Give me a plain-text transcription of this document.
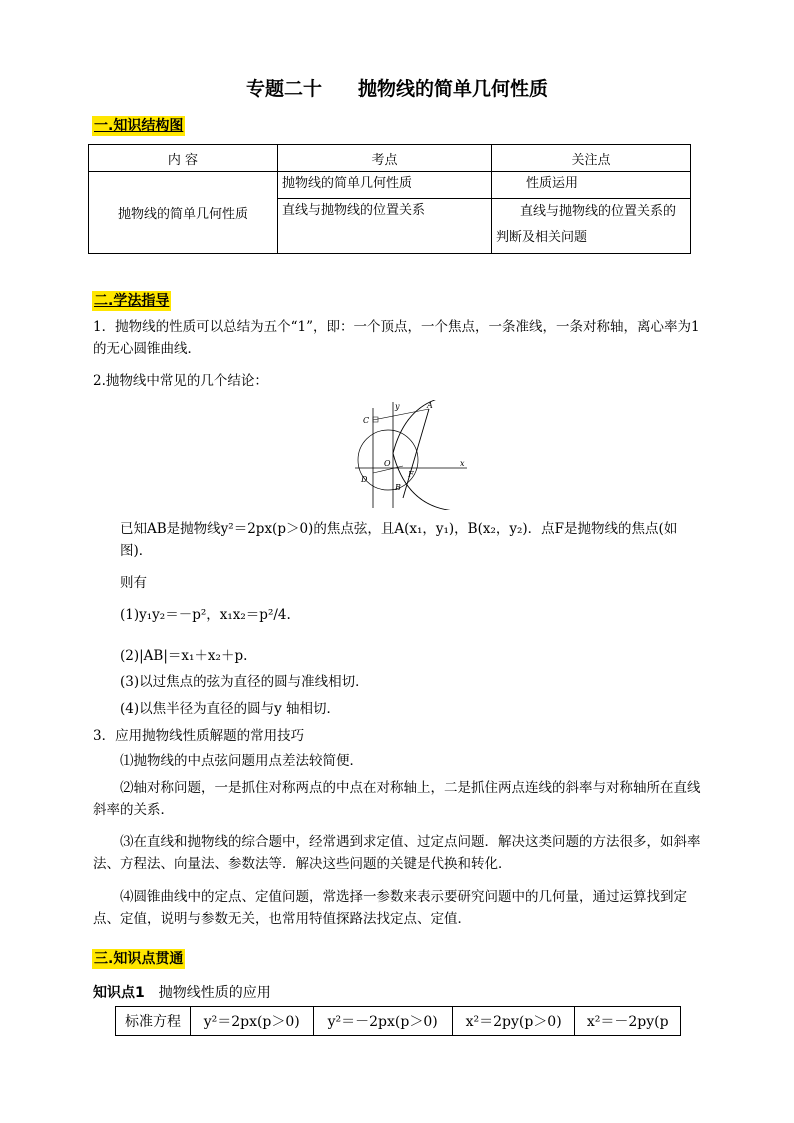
专题二十 抛物线的简单几何性质
一.知识结构图
内 容	考点	关注点
抛物线的简单几何性质	抛物线的简单几何性质	性质运用
	直线与抛物线的位置关系	直线与抛物线的位置关系的判断及相关问题
二.学法指导
1．抛物线的性质可以总结为五个“1”，即：一个顶点，一个焦点，一条准线，一条对称轴，离心率为1的无心圆锥曲线．
2.抛物线中常见的几个结论：
y	A
C
O
F
x
D
B
已知AB是抛物线y²＝2px(p＞0)的焦点弦，且A(x₁，y₁)，B(x₂，y₂)．点F是抛物线的焦点(如图)．
则有
(1)y₁y₂＝－p²，x₁x₂＝p²/4.
(2)|AB|＝x₁＋x₂＋p.
(3)以过焦点的弦为直径的圆与准线相切．
(4)以焦半径为直径的圆与y 轴相切．
3．应用抛物线性质解题的常用技巧
⑴抛物线的中点弦问题用点差法较简便．
⑵轴对称问题，一是抓住对称两点的中点在对称轴上，二是抓住两点连线的斜率与对称轴所在直线斜率的关系．
⑶在直线和抛物线的综合题中，经常遇到求定值、过定点问题．解决这类问题的方法很多，如斜率法、方程法、向量法、参数法等．解决这些问题的关键是代换和转化．
⑷圆锥曲线中的定点、定值问题，常选择一参数来表示要研究问题中的几何量，通过运算找到定点、定值，说明与参数无关，也常用特值探路法找定点、定值．
三.知识点贯通
知识点1 抛物线性质的应用
标准方程	y²＝2px(p＞0)	y²＝－2px(p＞0)	x²＝2py(p＞0)	x²＝－2py(p
